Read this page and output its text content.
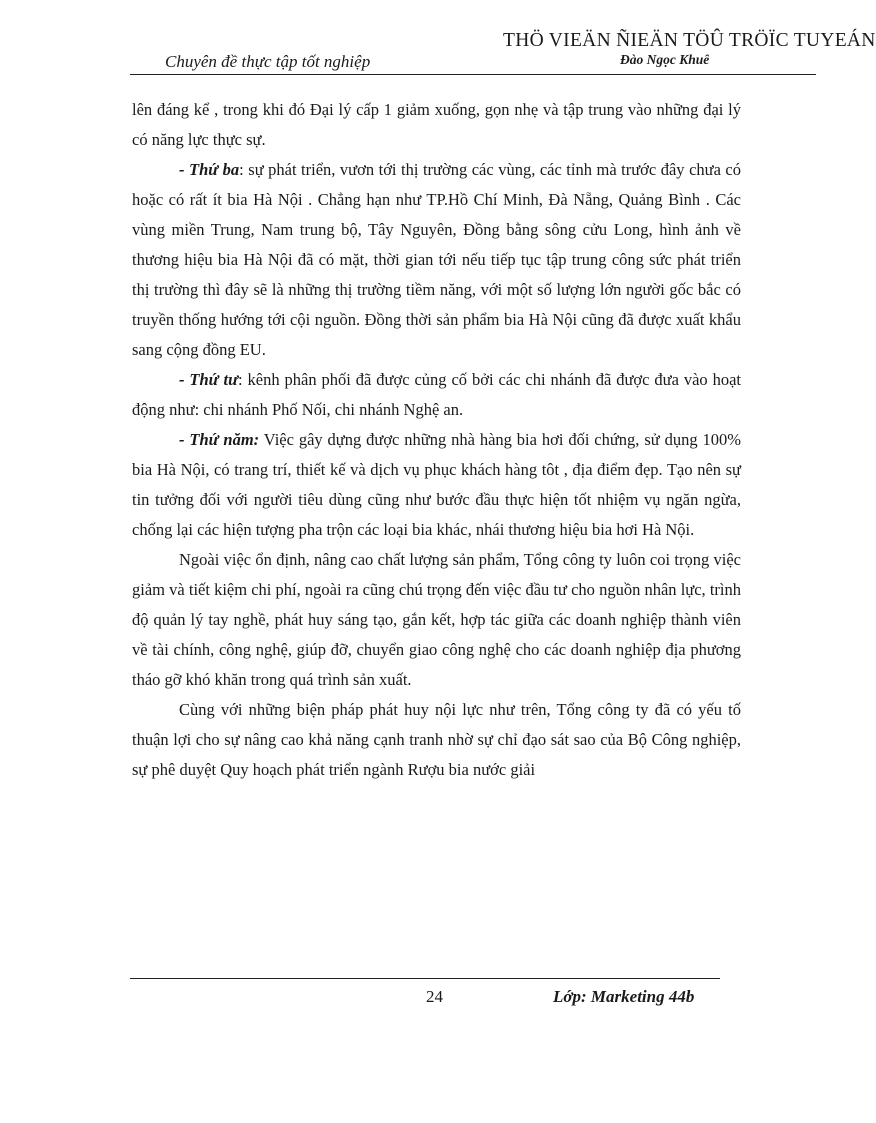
Chuyên đề thực tập tốt nghiệp
THÖ VIEÄN ÑIEÄN TÖÛ TRÖÏC TUYEÁN
Đào Ngọc Khuê

lên đáng kể , trong khi đó Đại lý cấp 1 giảm xuống, gọn nhẹ và tập trung vào những đại lý có năng lực thực sự.

- Thứ ba: sự phát triển, vươn tới thị trường các vùng, các tỉnh mà trước đây chưa có hoặc có rất ít bia Hà Nội . Chẳng hạn như TP.Hồ Chí Minh, Đà Nẵng, Quảng Bình . Các vùng miền Trung, Nam trung bộ, Tây Nguyên, Đồng bằng sông cửu Long, hình ảnh về thương hiệu bia Hà Nội đã có mặt, thời gian tới nếu tiếp tục tập trung công sức phát triển thị trường thì đây sẽ là những thị trường tiềm năng, với một số lượng lớn người gốc bắc có truyền thống hướng tới cội nguồn. Đồng thời sản phẩm bia Hà Nội cũng đã được xuất khẩu sang cộng đồng EU.

- Thứ tư: kênh phân phối đã được củng cố bởi các chi nhánh đã được đưa vào hoạt động như: chi nhánh Phố Nối, chi nhánh Nghệ an.

- Thứ năm: Việc gây dựng được những nhà hàng bia hơi đối chứng, sử dụng 100% bia Hà Nội, có trang trí, thiết kế và dịch vụ phục khách hàng tôt , địa điểm đẹp. Tạo nên sự tin tưởng đối với người tiêu dùng cũng như bước đầu thực hiện tốt nhiệm vụ ngăn ngừa, chống lại các hiện tượng pha trộn các loại bia khác, nhái thương hiệu bia hơi Hà Nội.

Ngoài việc ổn định, nâng cao chất lượng sản phẩm, Tổng công ty luôn coi trọng việc giảm và tiết kiệm chi phí, ngoài ra cũng chú trọng đến việc đầu tư cho nguồn nhân lực, trình độ quản lý tay nghề, phát huy sáng tạo, gắn kết, hợp tác giữa các doanh nghiệp thành viên về tài chính, công nghệ, giúp đỡ, chuyển giao công nghệ cho các doanh nghiệp địa phương tháo gỡ khó khăn trong quá trình sản xuất.

Cùng với những biện pháp phát huy nội lực như trên, Tổng công ty đã có yếu tố thuận lợi cho sự nâng cao khả năng cạnh tranh nhờ sự chỉ đạo sát sao của Bộ Công nghiệp, sự phê duyệt Quy hoạch phát triển ngành Rượu bia nước giải

24	Lớp: Marketing 44b
